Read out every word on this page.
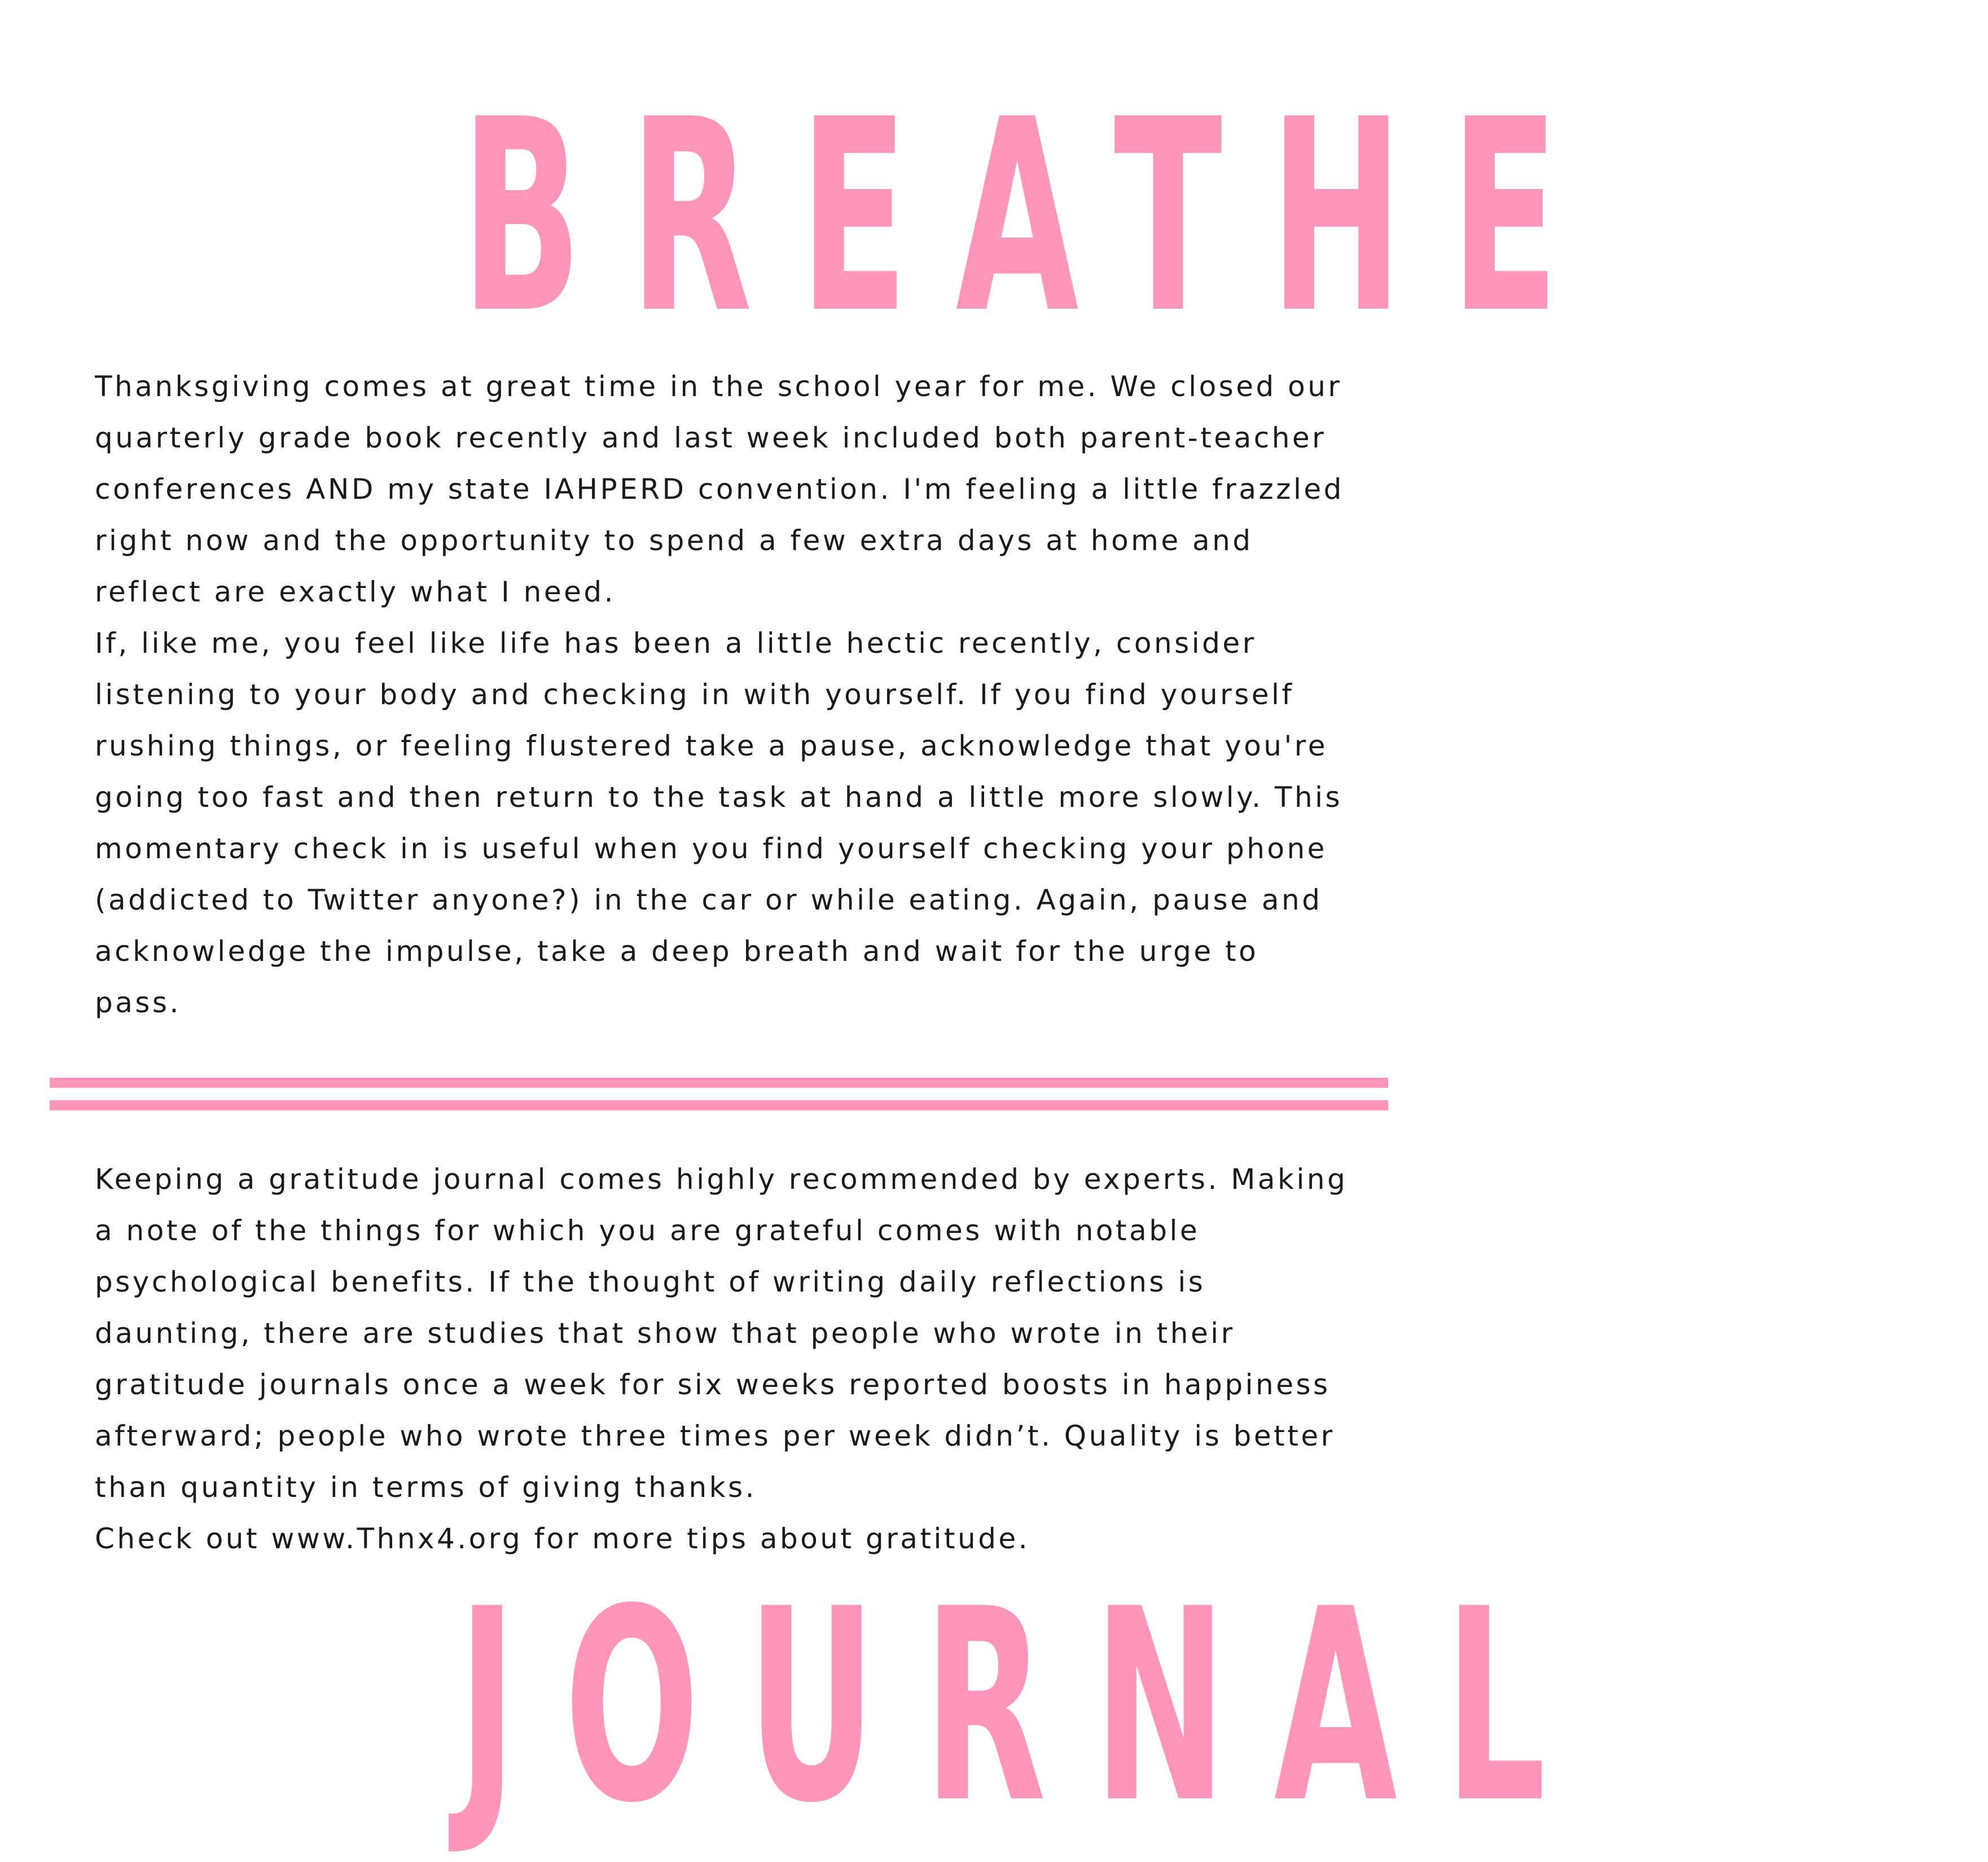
BREATHE

Thanksgiving comes at great time in the school year for me. We closed our quarterly grade book recently and last week included both parent-teacher conferences AND my state IAHPERD convention. I'm feeling a little frazzled right now and the opportunity to spend a few extra days at home and reflect are exactly what I need.

If, like me, you feel like life has been a little hectic recently, consider listening to your body and checking in with yourself. If you find yourself rushing things, or feeling flustered take a pause, acknowledge that you're going too fast and then return to the task at hand a little more slowly. This momentary check in is useful when you find yourself checking your phone (addicted to Twitter anyone?) in the car or while eating. Again, pause and acknowledge the impulse, take a deep breath and wait for the urge to pass.

Keeping a gratitude journal comes highly recommended by experts. Making a note of the things for which you are grateful comes with notable psychological benefits. If the thought of writing daily reflections is daunting, there are studies that show that people who wrote in their gratitude journals once a week for six weeks reported boosts in happiness afterward; people who wrote three times per week didn’t. Quality is better than quantity in terms of giving thanks.

Check out www.Thnx4.org for more tips about gratitude.

JOURNAL
